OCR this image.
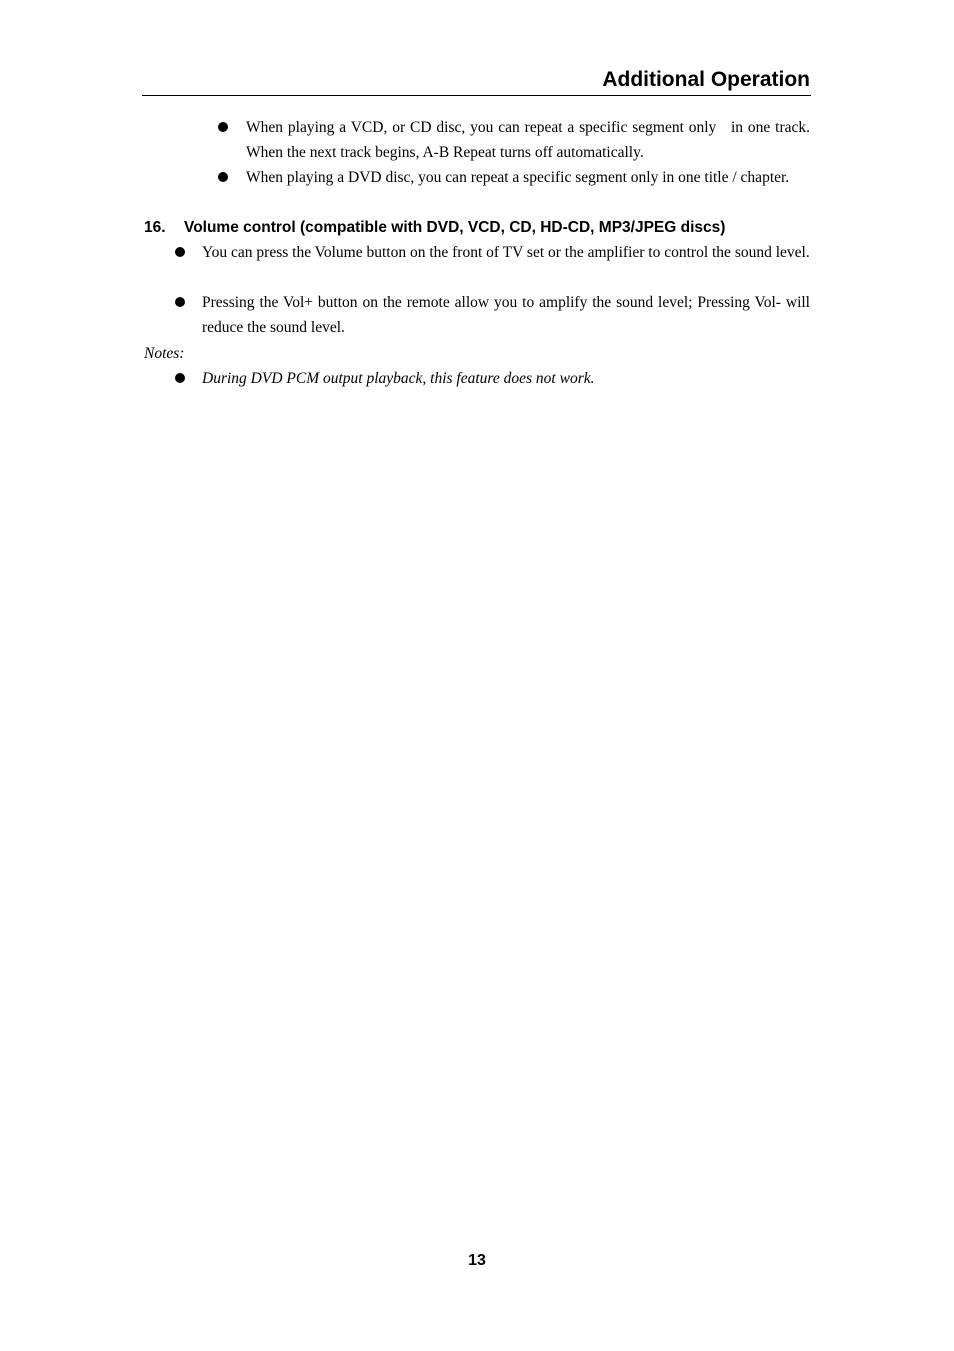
Additional Operation
When playing a VCD, or CD disc, you can repeat a specific segment only   in one track. When the next track begins, A-B Repeat turns off automatically.
When playing a DVD disc, you can repeat a specific segment only in one title / chapter.
16. Volume control (compatible with DVD, VCD, CD, HD-CD, MP3/JPEG discs)
You can press the Volume button on the front of TV set or the amplifier to control the sound level.
Pressing the Vol+ button on the remote allow you to amplify the sound level; Pressing Vol- will reduce the sound level.
Notes:
During DVD PCM output playback, this feature does not work.
13
